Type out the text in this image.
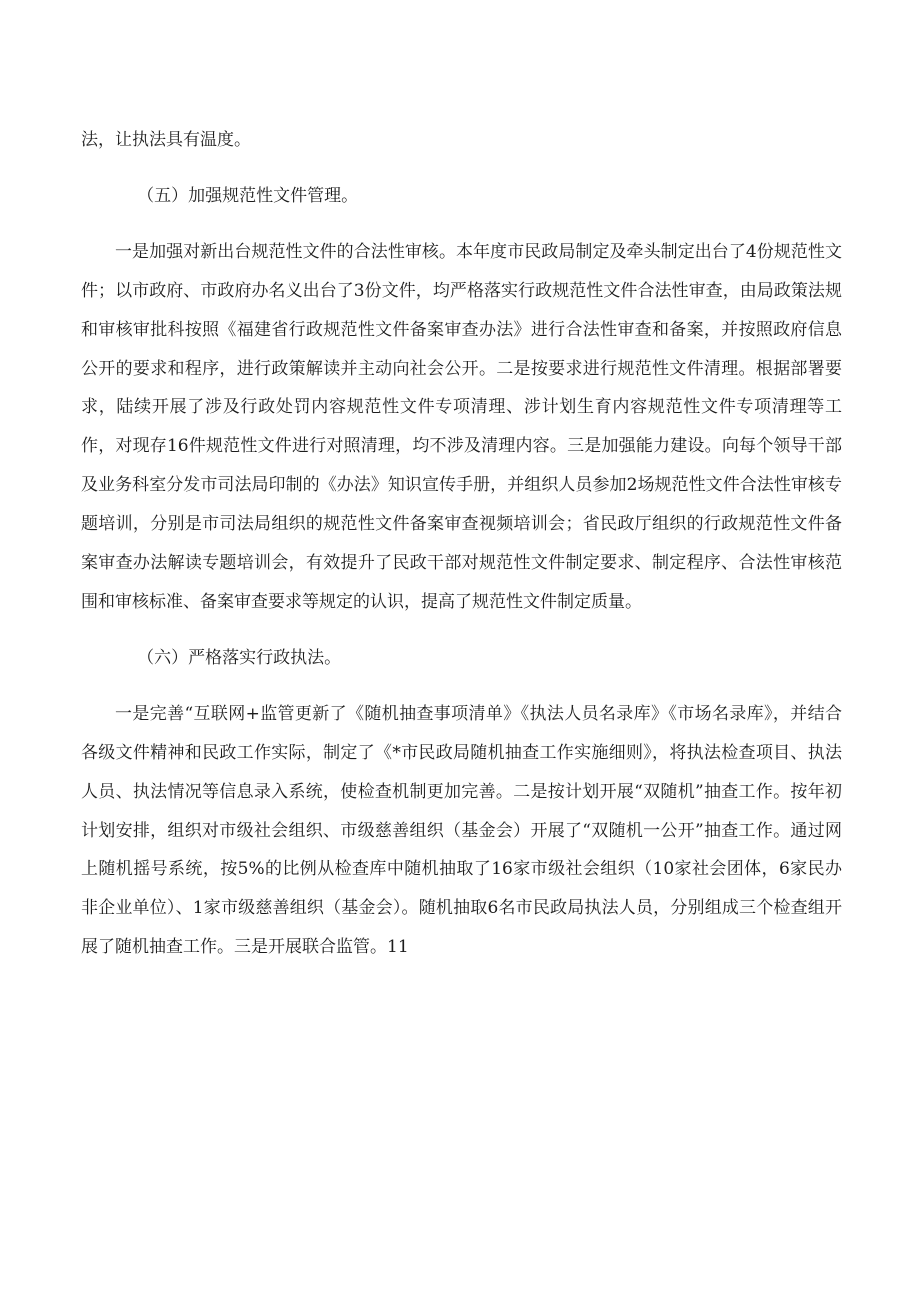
法，让执法具有温度。

（五）加强规范性文件管理。

一是加强对新出台规范性文件的合法性审核。本年度市民政局制定及牵头制定出台了4份规范性文件；以市政府、市政府办名义出台了3份文件，均严格落实行政规范性文件合法性审查，由局政策法规和审核审批科按照《福建省行政规范性文件备案审查办法》进行合法性审查和备案，并按照政府信息公开的要求和程序，进行政策解读并主动向社会公开。二是按要求进行规范性文件清理。根据部署要求，陆续开展了涉及行政处罚内容规范性文件专项清理、涉计划生育内容规范性文件专项清理等工作，对现存16件规范性文件进行对照清理，均不涉及清理内容。三是加强能力建设。向每个领导干部及业务科室分发市司法局印制的《办法》知识宣传手册，并组织人员参加2场规范性文件合法性审核专题培训，分别是市司法局组织的规范性文件备案审查视频培训会；省民政厅组织的行政规范性文件备案审查办法解读专题培训会，有效提升了民政干部对规范性文件制定要求、制定程序、合法性审核范围和审核标准、备案审查要求等规定的认识，提高了规范性文件制定质量。

（六）严格落实行政执法。

一是完善“互联网+监管更新了《随机抽查事项清单》《执法人员名录库》《市场名录库》，并结合各级文件精神和民政工作实际，制定了《*市民政局随机抽查工作实施细则》，将执法检查项目、执法人员、执法情况等信息录入系统，使检查机制更加完善。二是按计划开展“双随机”抽查工作。按年初计划安排，组织对市级社会组织、市级慈善组织（基金会）开展了“双随机一公开”抽查工作。通过网上随机摇号系统，按5%的比例从检查库中随机抽取了16家市级社会组织（10家社会团体，6家民办非企业单位）、1家市级慈善组织（基金会）。随机抽取6名市民政局执法人员，分别组成三个检查组开展了随机抽查工作。三是开展联合监管。11
